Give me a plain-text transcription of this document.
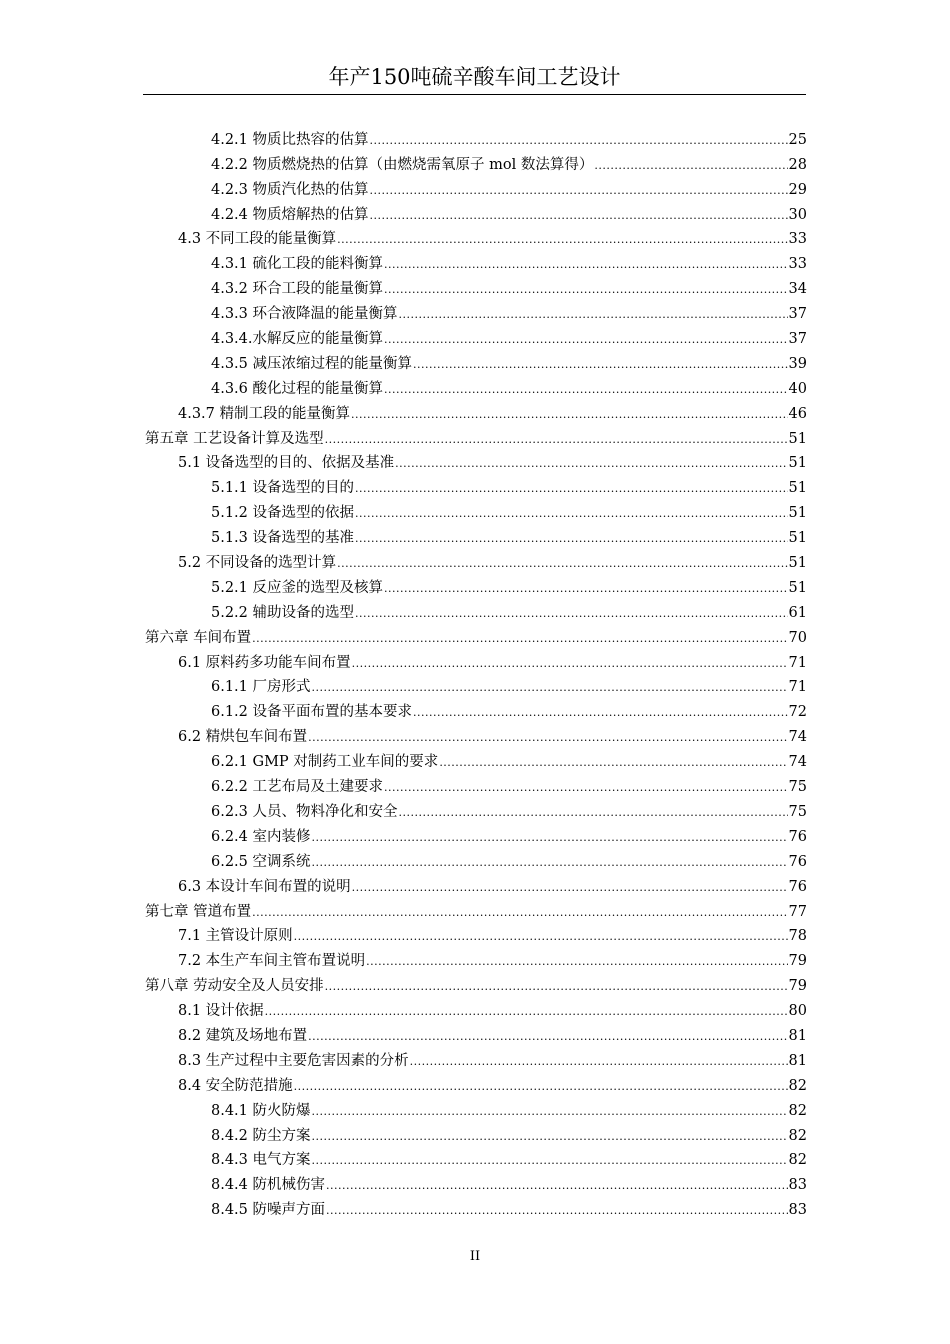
年产150吨硫辛酸车间工艺设计
4.2.1 物质比热容的估算 .....	25
4.2.2 物质燃烧热的估算（由燃烧需氧原子 mol 数法算得） .....	28
4.2.3 物质汽化热的估算 .....	29
4.2.4 物质熔解热的估算 .....	30
4.3 不同工段的能量衡算 .....	33
4.3.1 硫化工段的能料衡算 .....	33
4.3.2 环合工段的能量衡算 .....	34
4.3.3 环合液降温的能量衡算 .....	37
4.3.4.水解反应的能量衡算 .....	37
4.3.5 减压浓缩过程的能量衡算 .....	39
4.3.6 酸化过程的能量衡算 .....	40
4.3.7 精制工段的能量衡算 .....	46
第五章 工艺设备计算及选型 .....	51
5.1 设备选型的目的、依据及基准 .....	51
5.1.1 设备选型的目的 .....	51
5.1.2 设备选型的依据 .....	51
5.1.3 设备选型的基准 .....	51
5.2 不同设备的选型计算 .....	51
5.2.1 反应釜的选型及核算 .....	51
5.2.2 辅助设备的选型 .....	61
第六章 车间布置 .....	70
6.1 原料药多功能车间布置 .....	71
6.1.1 厂房形式 .....	71
6.1.2 设备平面布置的基本要求 .....	72
6.2 精烘包车间布置 .....	74
6.2.1 GMP 对制药工业车间的要求 .....	74
6.2.2 工艺布局及土建要求 .....	75
6.2.3 人员、物料净化和安全 .....	75
6.2.4 室内装修 .....	76
6.2.5 空调系统 .....	76
6.3 本设计车间布置的说明 .....	76
第七章 管道布置 .....	77
7.1 主管设计原则 .....	78
7.2 本生产车间主管布置说明 .....	79
第八章 劳动安全及人员安排 .....	79
8.1 设计依据 .....	80
8.2 建筑及场地布置 .....	81
8.3 生产过程中主要危害因素的分析 .....	81
8.4 安全防范措施 .....	82
8.4.1 防火防爆 .....	82
8.4.2 防尘方案 .....	82
8.4.3 电气方案 .....	82
8.4.4 防机械伤害 .....	83
8.4.5 防噪声方面 .....	83
II
